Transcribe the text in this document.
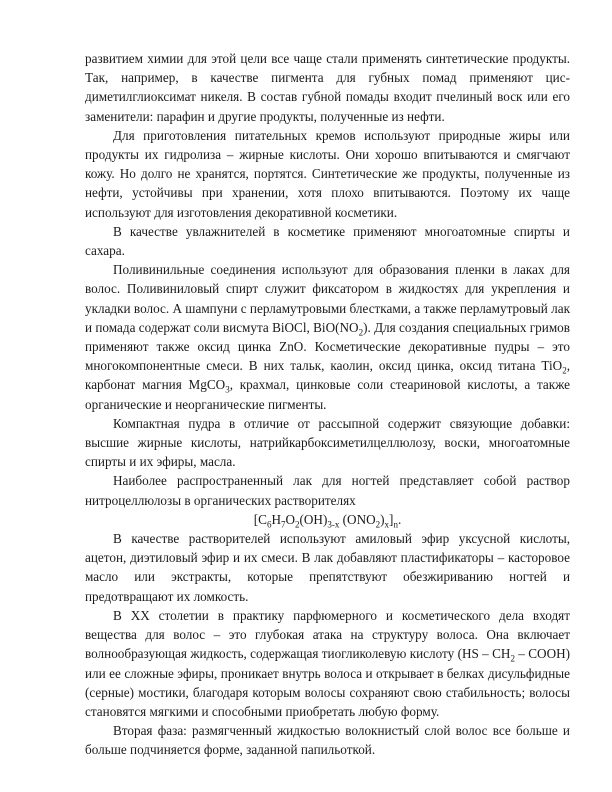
развитием химии для этой цели все чаще стали применять синтетические продукты. Так, например, в качестве пигмента для губных помад применяют цис-диметилглиоксимат никеля. В состав губной помады входит пчелиный воск или его заменители: парафин и другие продукты, полученные из нефти.

Для приготовления питательных кремов используют природные жиры или продукты их гидролиза – жирные кислоты. Они хорошо впитываются и смягчают кожу. Но долго не хранятся, портятся. Синтетические же продукты, полученные из нефти, устойчивы при хранении, хотя плохо впитываются. Поэтому их чаще используют для изготовления декоративной косметики.

В качестве увлажнителей в косметике применяют многоатомные спирты и сахара.

Поливинильные соединения используют для образования пленки в лаках для волос. Поливиниловый спирт служит фиксатором в жидкостях для укрепления и укладки волос. А шампуни с перламутровыми блестками, а также перламутровый лак и помада содержат соли висмута BiOCl, $BiO(NO_2)$. Для создания специальных гримов применяют также оксид цинка ZnO. Косметические декоративные пудры – это многокомпонентные смеси. В них тальк, каолин, оксид цинка, оксид титана TiO$_2$, карбонат магния MgCO$_3$, крахмал, цинковые соли стеариновой кислоты, а также органические и неорганические пигменты.

Компактная пудра в отличие от рассыпной содержит связующие добавки: высшие жирные кислоты, натрийкарбоксиметилцеллюлозу, воски, многоатомные спирты и их эфиры, масла.

Наиболее распространенный лак для ногтей представляет собой раствор нитроцеллюлозы в органических растворителях

[$C_6H_7O_2(OH)_{3-x}$ $(ONO_2)_x]_n$.

В качестве растворителей используют амиловый эфир уксусной кислоты, ацетон, диэтиловый эфир и их смеси. В лак добавляют пластификаторы – касторовое масло или экстракты, которые препятствуют обезжириванию ногтей и предотвращают их ломкость.

В XX столетии в практику парфюмерного и косметического дела входят вещества для волос – это глубокая атака на структуру волоса. Она включает волнообразующая жидкость, содержащая тиогликолевую кислоту ($HS - CH_2$ – COOH) или ее сложные эфиры, проникает внутрь волоса и открывает в белках дисульфидные (серные) мостики, благодаря которым волосы сохраняют свою стабильность; волосы становятся мягкими и способными приобретать любую форму.

Вторая фаза: размягченный жидкостью волокнистый слой волос все больше и больше подчиняется форме, заданной папильоткой.
